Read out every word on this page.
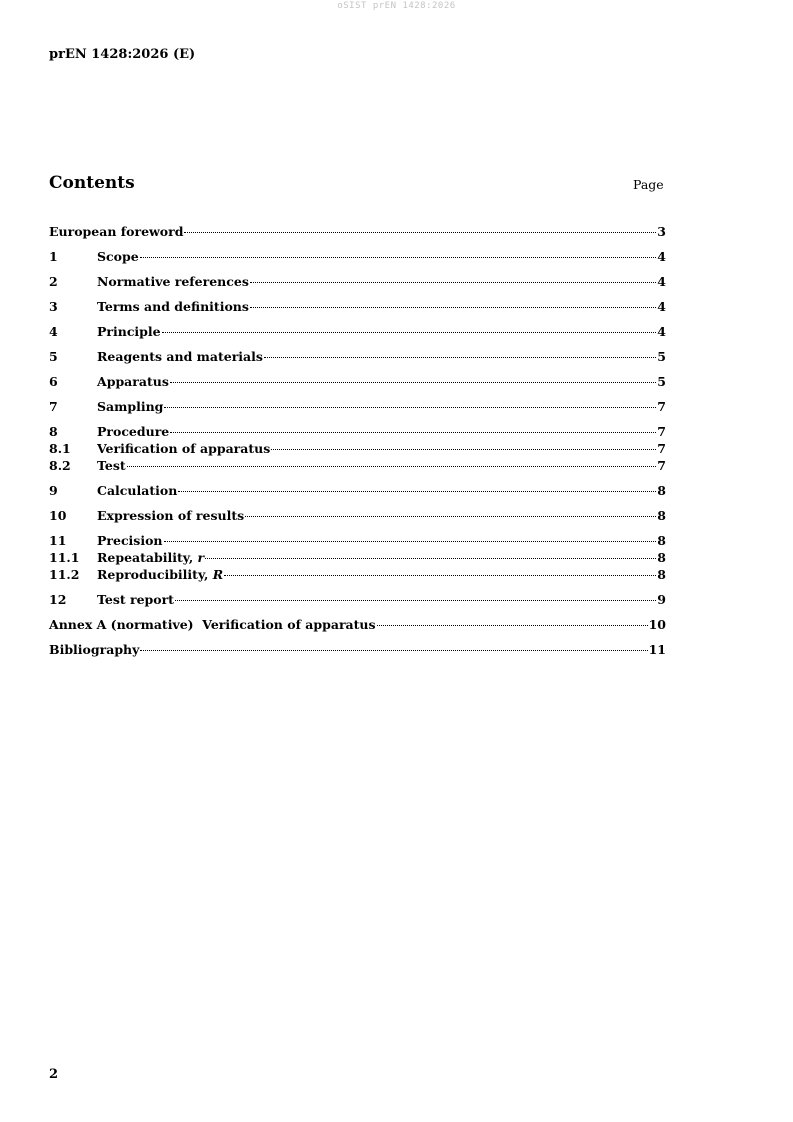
oSIST prEN 1428:2026
prEN 1428:2026 (E)
Contents	Page
European foreword	3
1	Scope	4
2	Normative references	4
3	Terms and definitions	4
4	Principle	4
5	Reagents and materials	5
6	Apparatus	5
7	Sampling	7
8	Procedure	7
8.1	Verification of apparatus	7
8.2	Test	7
9	Calculation	8
10	Expression of results	8
11	Precision	8
11.1	Repeatability, r	8
11.2	Reproducibility, R	8
12	Test report	9
Annex A (normative)  Verification of apparatus	10
Bibliography	11
2
